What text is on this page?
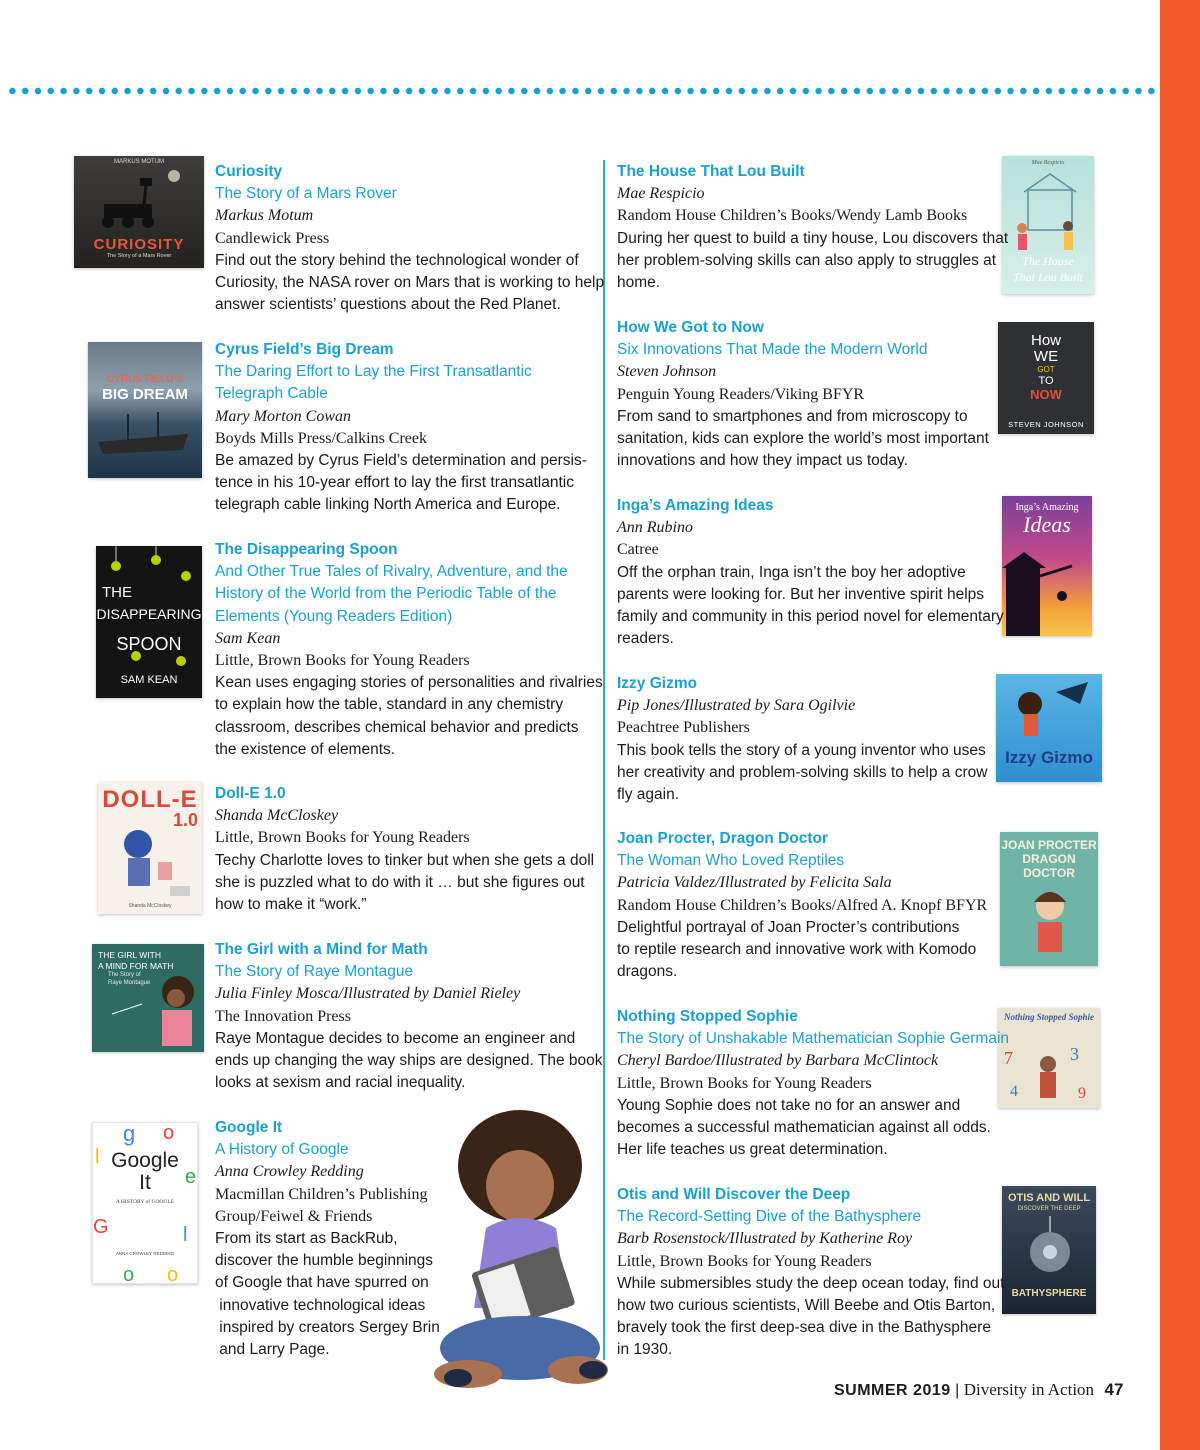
MARKUS MOTUM
CURIOSITY
The Story of a Mars Rover
CYRUS FIELD’S
BIG DREAM
THE
DISAPPEARING
SPOON
SAM KEAN
DOLL-E
1.0
Shanda McCloskey
THE GIRL WITH
A MIND FOR MATH
The Story of
Raye Montague
Google
It
A HISTORY of GOOGLE
ANNA CROWLEY REDDING
g o
l
e
G	l
o o
Mae Respicio
The House
That Lou Built
How
WE
GOT
TO
NOW
STEVEN JOHNSON
Inga’s Amazing
Ideas
Izzy Gizmo
JOAN PROCTER
DRAGON DOCTOR
Nothing Stopped Sophie
7	3
4	9
OTIS AND WILL
DISCOVER THE DEEP
BATHYSPHERE
Curiosity
The Story of a Mars Rover
Markus Motum
Candlewick Press
Find out the story behind the technological wonder of
Curiosity, the NASA rover on Mars that is working to help
answer scientists’ questions about the Red Planet.
Cyrus Field’s Big Dream
The Daring Effort to Lay the First Transatlantic
Telegraph Cable
Mary Morton Cowan
Boyds Mills Press/Calkins Creek
Be amazed by Cyrus Field’s determination and persis-
tence in his 10-year effort to lay the first transatlantic
telegraph cable linking North America and Europe.
The Disappearing Spoon
And Other True Tales of Rivalry, Adventure, and the
History of the World from the Periodic Table of the
Elements (Young Readers Edition)
Sam Kean
Little, Brown Books for Young Readers
Kean uses engaging stories of personalities and rivalries
to explain how the table, standard in any chemistry
classroom, describes chemical behavior and predicts
the existence of elements.
Doll-E 1.0
Shanda McCloskey
Little, Brown Books for Young Readers
Techy Charlotte loves to tinker but when she gets a doll
she is puzzled what to do with it … but she figures out
how to make it “work.”
The Girl with a Mind for Math
The Story of Raye Montague
Julia Finley Mosca/Illustrated by Daniel Rieley
The Innovation Press
Raye Montague decides to become an engineer and
ends up changing the way ships are designed. The book
looks at sexism and racial inequality.
Google It
A History of Google
Anna Crowley Redding
Macmillan Children’s Publishing
Group/Feiwel & Friends
From its start as BackRub,
discover the humble beginnings
of Google that have spurred on
innovative technological ideas
inspired by creators Sergey Brin
and Larry Page.
The House That Lou Built
Mae Respicio
Random House Children’s Books/Wendy Lamb Books
During her quest to build a tiny house, Lou discovers that
her problem-solving skills can also apply to struggles at
home.
How We Got to Now
Six Innovations That Made the Modern World
Steven Johnson
Penguin Young Readers/Viking BFYR
From sand to smartphones and from microscopy to
sanitation, kids can explore the world’s most important
innovations and how they impact us today.
Inga’s Amazing Ideas
Ann Rubino
Catree
Off the orphan train, Inga isn’t the boy her adoptive
parents were looking for. But her inventive spirit helps
family and community in this period novel for elementary
readers.
Izzy Gizmo
Pip Jones/Illustrated by Sara Ogilvie
Peachtree Publishers
This book tells the story of a young inventor who uses
her creativity and problem-solving skills to help a crow
fly again.
Joan Procter, Dragon Doctor
The Woman Who Loved Reptiles
Patricia Valdez/Illustrated by Felicita Sala
Random House Children’s Books/Alfred A. Knopf BFYR
Delightful portrayal of Joan Procter’s contributions
to reptile research and innovative work with Komodo
dragons.
Nothing Stopped Sophie
The Story of Unshakable Mathematician Sophie Germain
Cheryl Bardoe/Illustrated by Barbara McClintock
Little, Brown Books for Young Readers
Young Sophie does not take no for an answer and
becomes a successful mathematician against all odds.
Her life teaches us great determination.
Otis and Will Discover the Deep
The Record-Setting Dive of the Bathysphere
Barb Rosenstock/Illustrated by Katherine Roy
Little, Brown Books for Young Readers
While submersibles study the deep ocean today, find out
how two curious scientists, Will Beebe and Otis Barton,
bravely took the first deep-sea dive in the Bathysphere
in 1930.
SUMMER 2019 | Diversity in Action 47
